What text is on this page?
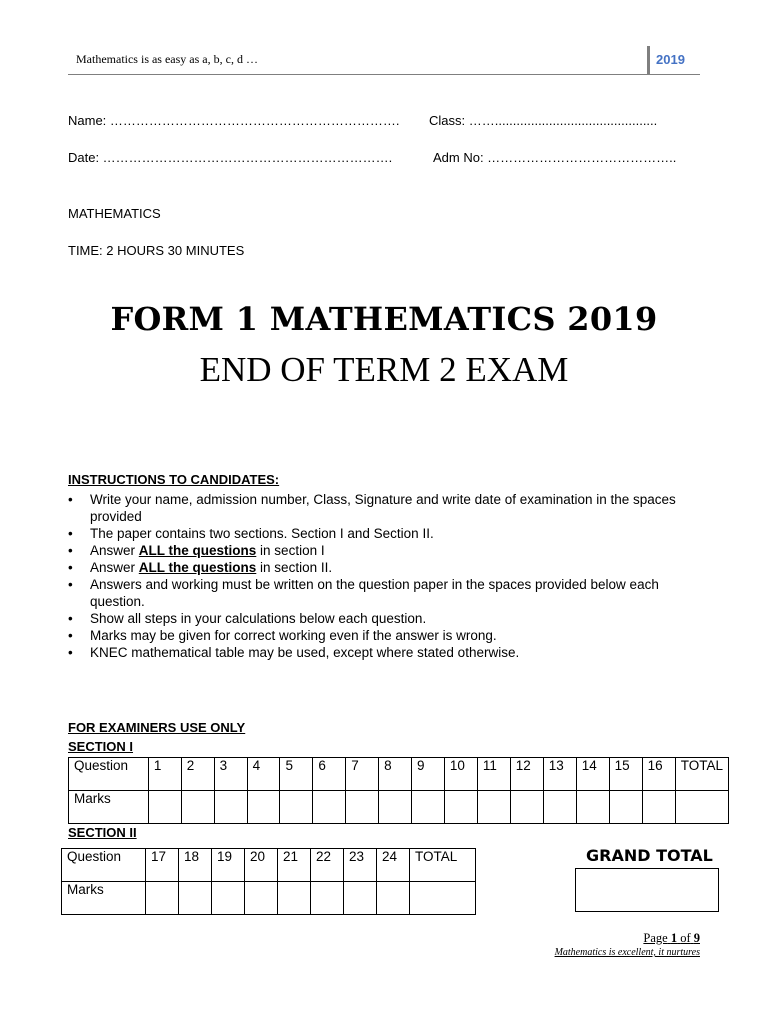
Mathematics is as easy as a, b, c, d …	2019
Name: …………………………………………………………. Class: …….............................................
Date: ………………………………………………………….	Adm No: ……………………………………..
MATHEMATICS
TIME: 2 HOURS 30 MINUTES
FORM 1 MATHEMATICS 2019
END OF TERM 2 EXAM
INSTRUCTIONS TO CANDIDATES:
• Write your name, admission number, Class, Signature and write date of examination in the spaces provided
• The paper contains two sections. Section I and Section II.
• Answer ALL the questions in section I
• Answer ALL the questions in section II.
• Answers and working must be written on the question paper in the spaces provided below each question.
• Show all steps in your calculations below each question.
• Marks may be given for correct working even if the answer is wrong.
• KNEC mathematical table may be used, except where stated otherwise.
FOR EXAMINERS USE ONLY
SECTION I
Question	1	2	3	4	5	6	7	8	9	10	11	12	13	14	15	16	TOTAL
Marks																	
SECTION II
Question	17	18	19	20	21	22	23	24	TOTAL
Marks									
GRAND TOTAL
Page 1 of 9
Mathematics is excellent, it nurtures
